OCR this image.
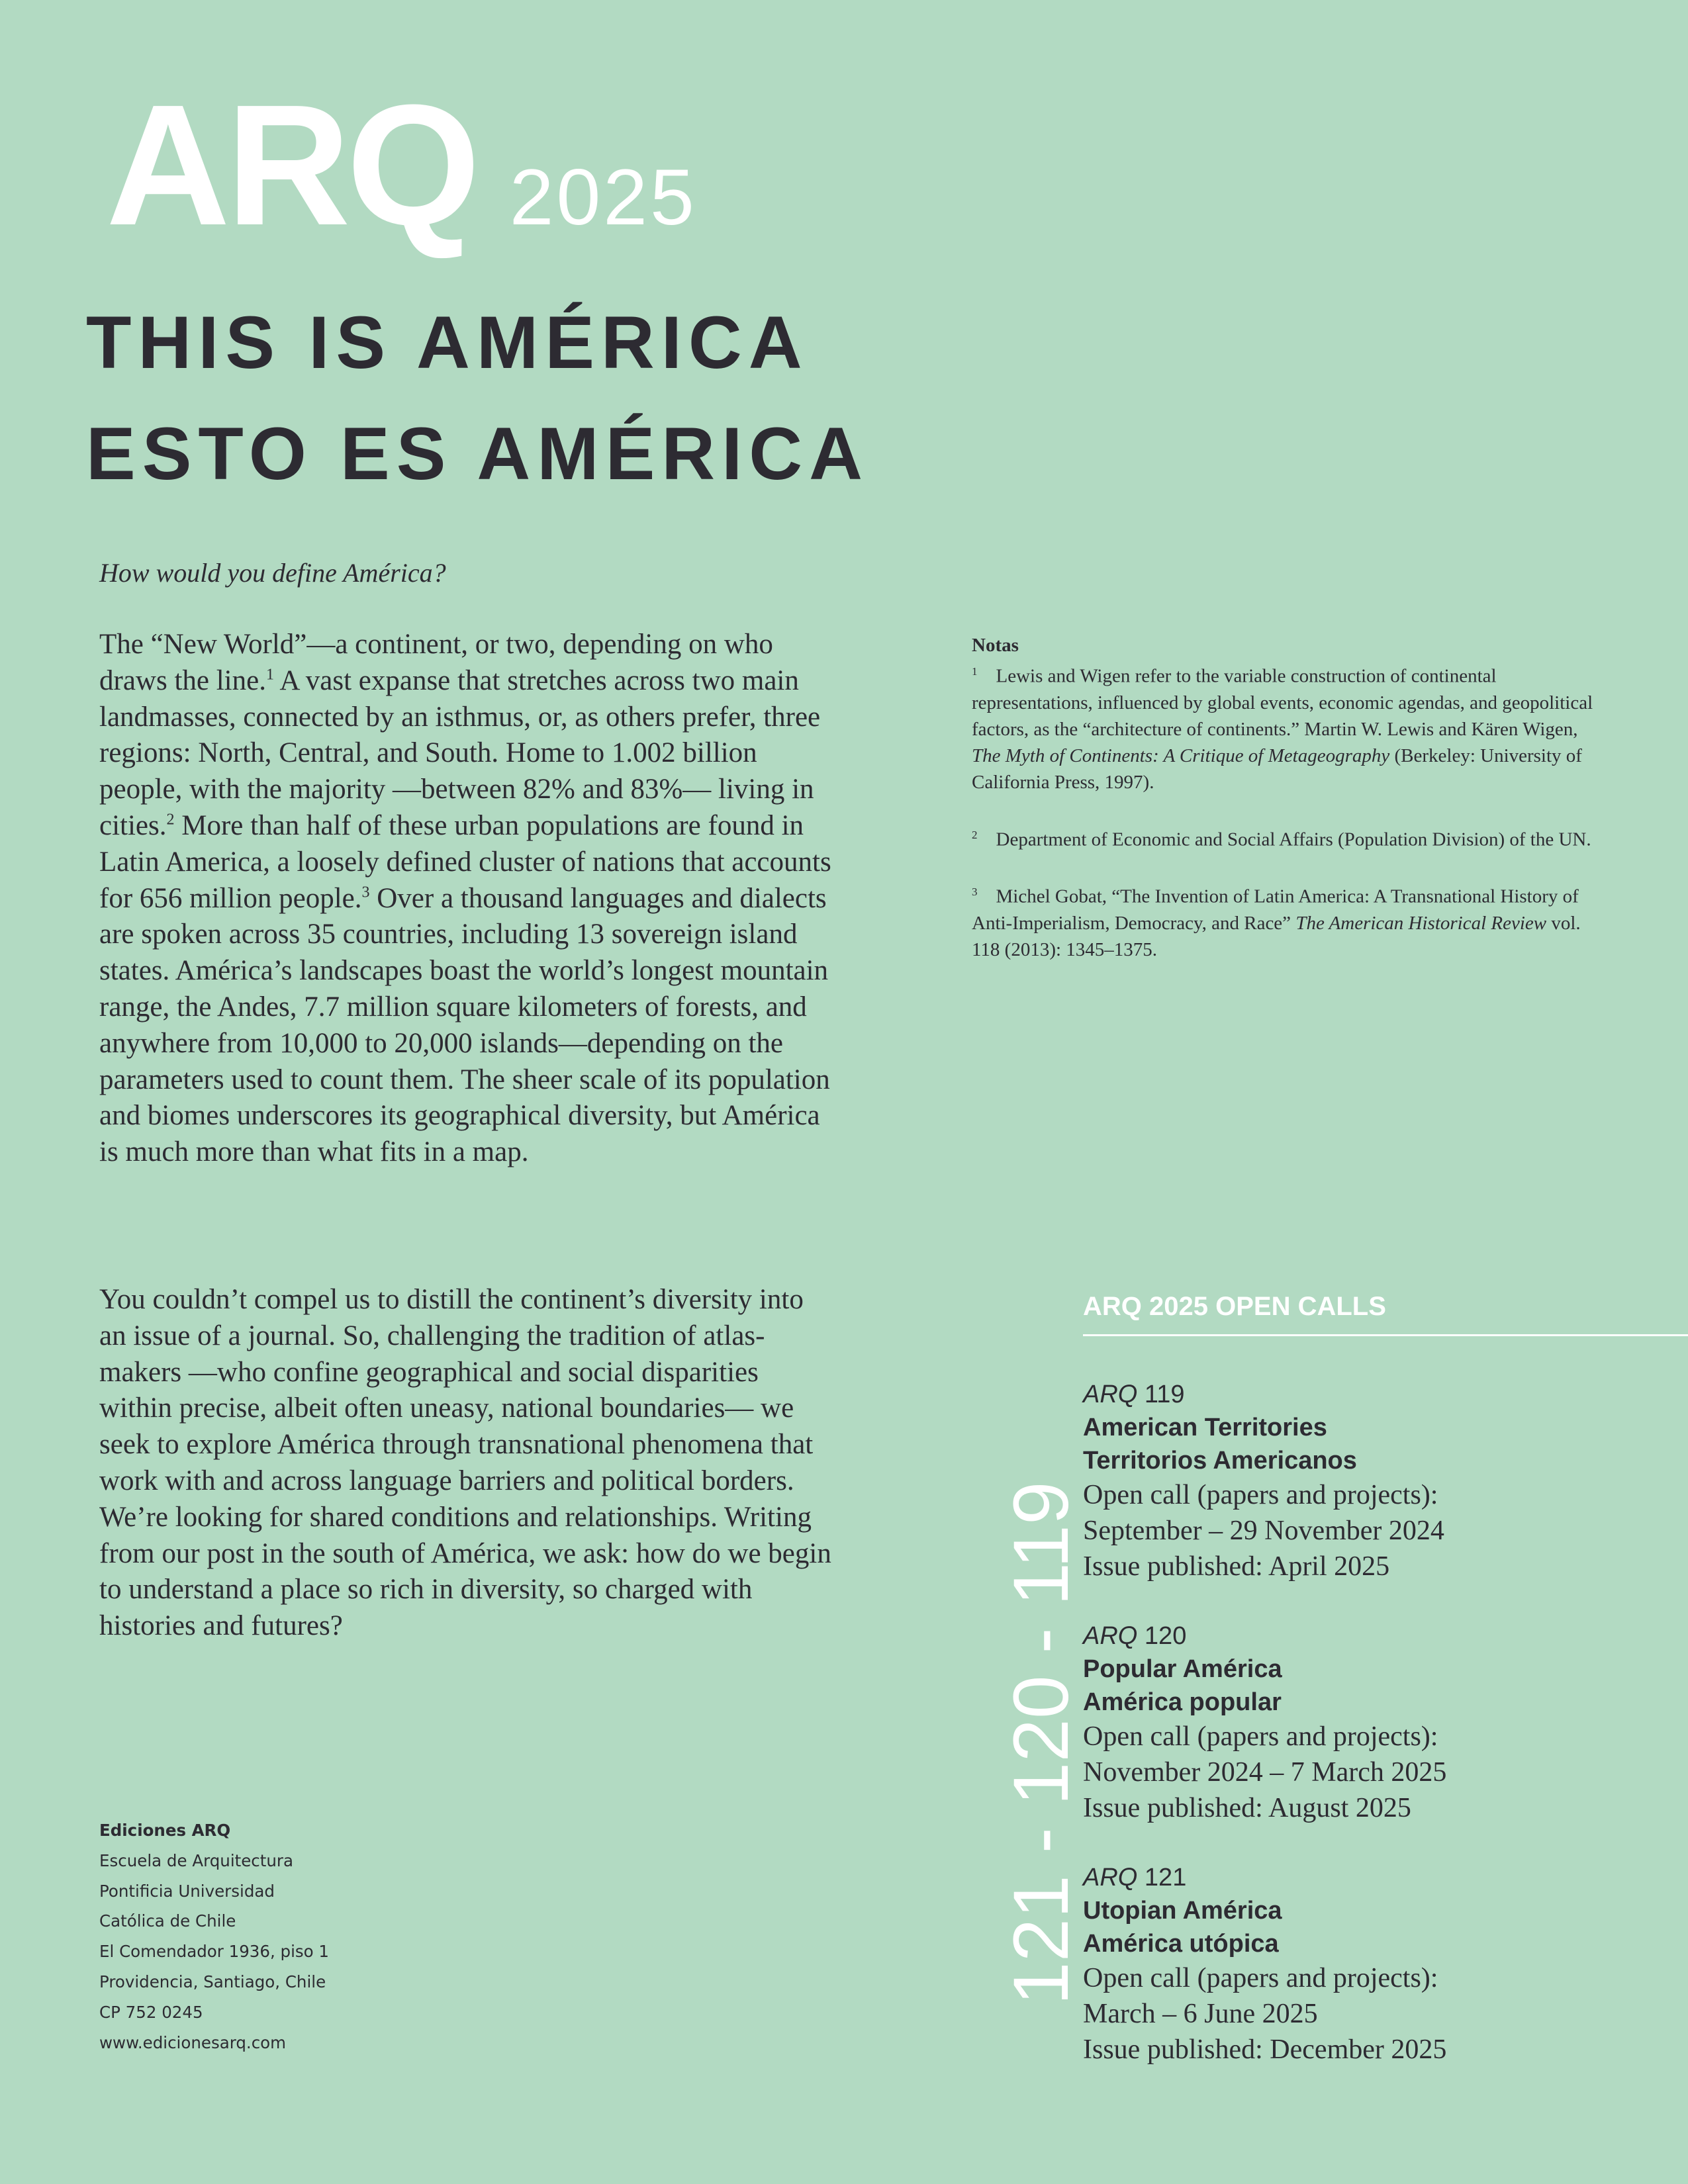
ARQ 2025
THIS IS AMÉRICA
ESTO ES AMÉRICA
How would you define América?
The “New World”—a continent, or two, depending on who draws the line.$^1$ A vast expanse that stretches across two main landmasses, connected by an isthmus, or, as others prefer, three regions: North, Central, and South. Home to 1.002 billion people, with the majority —between 82% and 83%— living in cities.$^2$ More than half of these urban populations are found in Latin America, a loosely defined cluster of nations that accounts for 656 million people.$^3$ Over a thousand languages and dialects are spoken across 35 countries, including 13 sovereign island states. América’s landscapes boast the world’s longest mountain range, the Andes, 7.7 million square kilometers of forests, and anywhere from 10,000 to 20,000 islands—depending on the parameters used to count them. The sheer scale of its population and biomes underscores its geographical diversity, but América is much more than what fits in a map.
You couldn’t compel us to distill the continent’s diversity into an issue of a journal. So, challenging the tradition of atlas-makers —who confine geographical and social disparities within precise, albeit often uneasy, national boundaries— we seek to explore América through transnational phenomena that work with and across language barriers and political borders. We’re looking for shared conditions and relationships. Writing from our post in the south of América, we ask: how do we begin to understand a place so rich in diversity, so charged with histories and futures?
Notas
$^1$ Lewis and Wigen refer to the variable construction of continental representations, influenced by global events, economic agendas, and geopolitical factors, as the “architecture of continents.” Martin W. Lewis and Kären Wigen, The Myth of Continents: A Critique of Metageography (Berkeley: University of California Press, 1997).
$^2$ Department of Economic and Social Affairs (Population Division) of the UN.
$^3$ Michel Gobat, “The Invention of Latin America: A Transnational History of Anti-Imperialism, Democracy, and Race” The American Historical Review vol. 118 (2013): 1345–1375.
ARQ 2025 OPEN CALLS
121 - 120 - 119
ARQ 119
American Territories
Territorios Americanos
Open call (papers and projects):
September – 29 November 2024
Issue published: April 2025
ARQ 120
Popular América
América popular
Open call (papers and projects):
November 2024 – 7 March 2025
Issue published: August 2025
ARQ 121
Utopian América
América utópica
Open call (papers and projects):
March – 6 June 2025
Issue published: December 2025
Ediciones ARQ
Escuela de Arquitectura
Pontificia Universidad
Católica de Chile
El Comendador 1936, piso 1
Providencia, Santiago, Chile
CP 752 0245
www.edicionesarq.com
